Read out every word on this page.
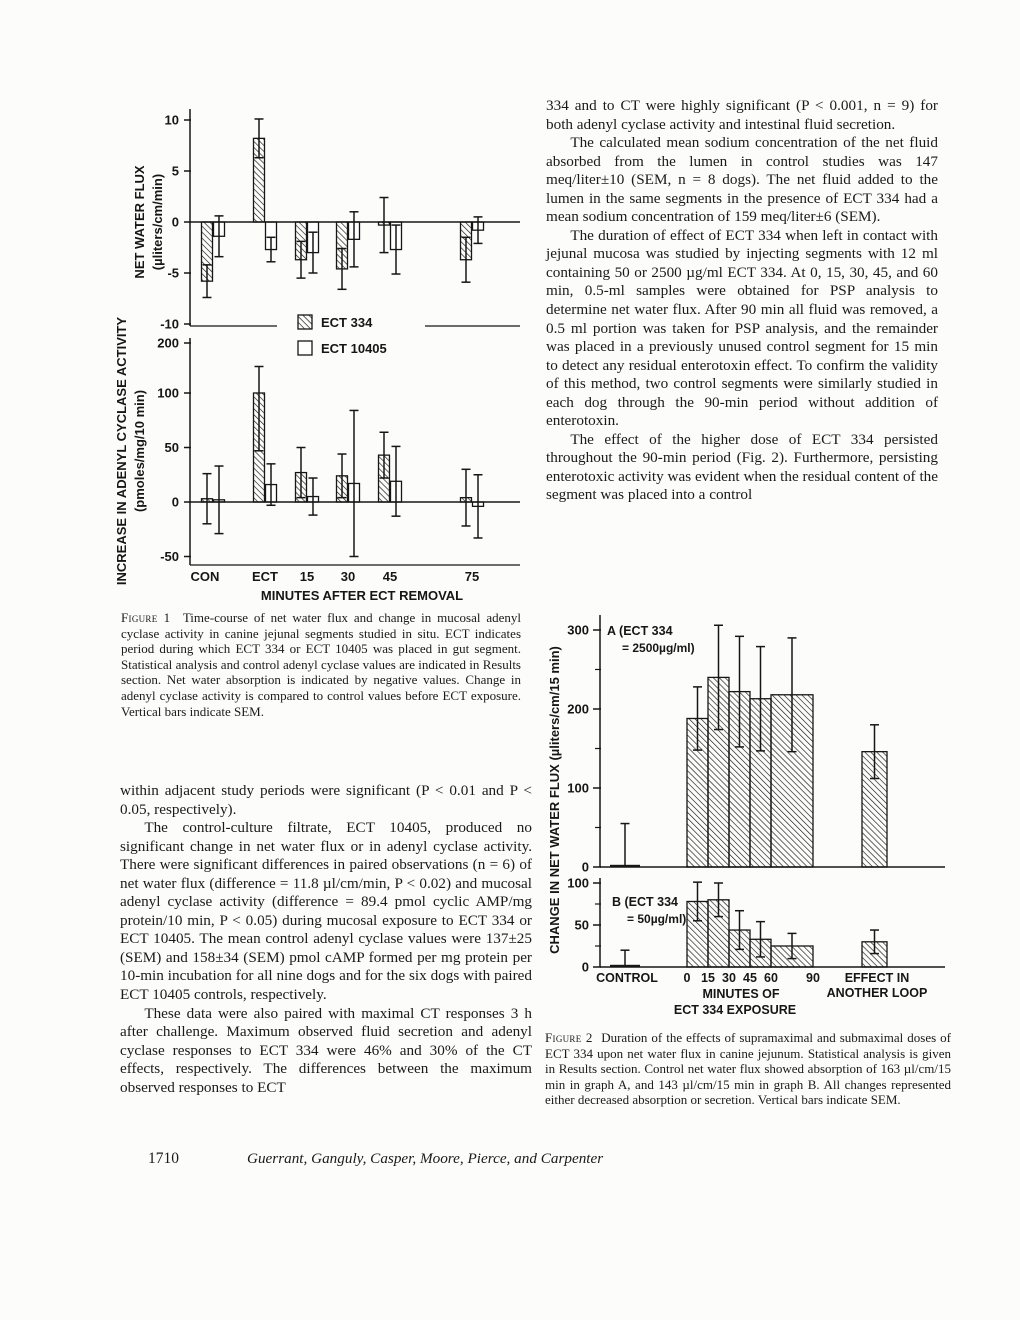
10
5
0
-5
-10
NET WATER FLUX (µliters/cm/min)
ECT 334
ECT 10405
200
100
50
0
-50
CON	ECT 15 30 45	75
MINUTES AFTER ECT REMOVAL
INCREASE IN ADENYL CYCLASE ACTIVITY (pmoles/mg/10 min)

Figure 1 Time-course of net water flux and change in mucosal adenyl cyclase activity in canine jejunal segments studied in situ. ECT indicates period during which ECT 334 or ECT 10405 was placed in gut segment. Statistical analysis and control adenyl cyclase values are indicated in Results section. Net water absorption is indicated by negative values. Change in adenyl cyclase activity is compared to control values before ECT exposure. Vertical bars indicate SEM.

334 and to CT were highly significant (P < 0.001, n = 9) for both adenyl cyclase activity and intestinal fluid secretion.

The calculated mean sodium concentration of the net fluid absorbed from the lumen in control studies was 147 meq/liter±10 (SEM, n = 8 dogs). The net fluid added to the lumen in the same segments in the presence of ECT 334 had a mean sodium concentration of 159 meq/liter±6 (SEM).

The duration of effect of ECT 334 when left in contact with jejunal mucosa was studied by injecting segments with 12 ml containing 50 or 2500 µg/ml ECT 334. At 0, 15, 30, 45, and 60 min, 0.5-ml samples were obtained for PSP analysis to determine net water flux. After 90 min all fluid was removed, a 0.5 ml portion was taken for PSP analysis, and the remainder was placed in a previously unused control segment for 15 min to detect any residual enterotoxin effect. To confirm the validity of this method, two control segments were similarly studied in each dog through the 90-min period without addition of enterotoxin.

The effect of the higher dose of ECT 334 persisted throughout the 90-min period (Fig. 2). Furthermore, persisting enterotoxic activity was evident when the residual content of the segment was placed into a control

within adjacent study periods were significant (P < 0.01 and P < 0.05, respectively).

The control-culture filtrate, ECT 10405, produced no significant change in net water flux or in adenyl cyclase activity. There were significant differences in paired observations (n = 6) of net water flux (difference = 11.8 µl/cm/min, P < 0.02) and mucosal adenyl cyclase activity (difference = 89.4 pmol cyclic AMP/mg protein/10 min, P < 0.05) during mucosal exposure to ECT 334 or ECT 10405. The mean control adenyl cyclase values were 137±25 (SEM) and 158±34 (SEM) pmol cAMP formed per mg protein per 10-min incubation for all nine dogs and for the six dogs with paired ECT 10405 controls, respectively.

These data were also paired with maximal CT responses 3 h after challenge. Maximum observed fluid secretion and adenyl cyclase responses to ECT 334 were 46% and 30% of the CT effects, respectively. The differences between the maximum observed responses to ECT

0
100
200
300 A (ECT 334
= 2500µg/ml)
0
50
100
B (ECT 334
= 50µg/ml)
CONTROL 0 15 30 45 60 90 EFFECT IN
ANOTHER LOOP
MINUTES OF
ECT 334 EXPOSURE
CHANGE IN NET WATER FLUX (µliters/cm/15 min)

Figure 2 Duration of the effects of supramaximal and submaximal doses of ECT 334 upon net water flux in canine jejunum. Statistical analysis is given in Results section. Control net water flux showed absorption of 163 µl/cm/15 min in graph A, and 143 µl/cm/15 min in graph B. All changes represented either decreased absorption or secretion. Vertical bars indicate SEM.

1710	Guerrant, Ganguly, Casper, Moore, Pierce, and Carpenter
